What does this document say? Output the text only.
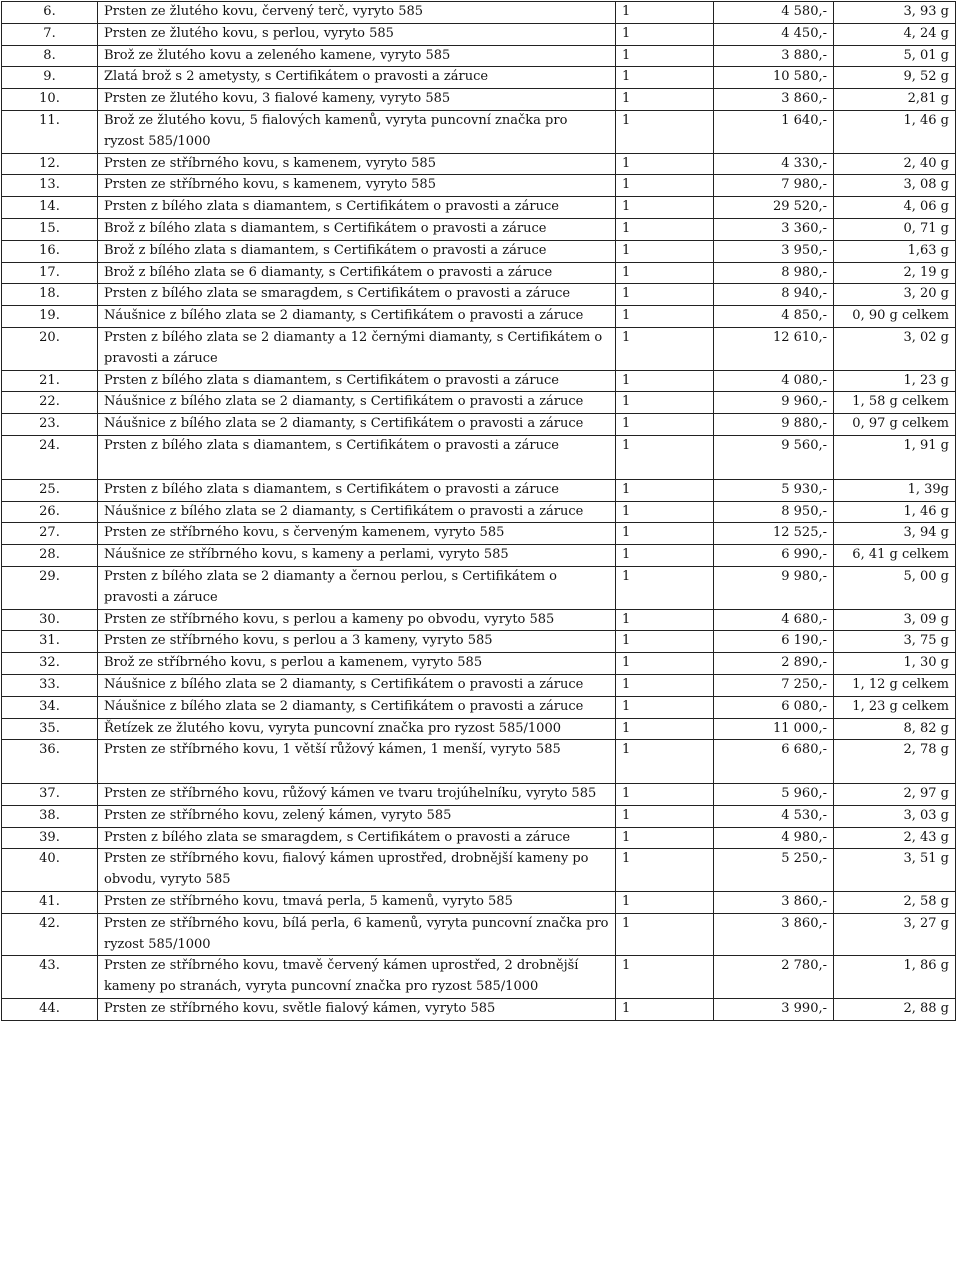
6.	Prsten ze žlutého kovu, červený terč, vyryto 585	1	4 580,-	3, 93 g
7.	Prsten ze žlutého kovu, s perlou, vyryto 585	1	4 450,-	4, 24 g
8.	Brož ze žlutého kovu a zeleného kamene, vyryto 585	1	3 880,-	5, 01 g
9.	Zlatá brož s 2 ametysty, s Certifikátem o pravosti a záruce	1	10 580,-	9, 52 g
10.	Prsten ze žlutého kovu, 3 fialové kameny, vyryto 585	1	3 860,-	2,81 g
11.	Brož ze žlutého kovu, 5 fialových kamenů, vyryta puncovní značka pro ryzost 585/1000	1	1 640,-	1, 46 g
12.	Prsten ze stříbrného kovu, s kamenem, vyryto 585	1	4 330,-	2, 40 g
13.	Prsten ze stříbrného kovu, s kamenem, vyryto 585	1	7 980,-	3, 08 g
14.	Prsten z bílého zlata s diamantem, s Certifikátem o pravosti a záruce	1	29 520,-	4, 06 g
15.	Brož z bílého zlata s diamantem, s Certifikátem o pravosti a záruce	1	3 360,-	0, 71 g
16.	Brož z bílého zlata s diamantem, s Certifikátem o pravosti a záruce	1	3 950,-	1,63 g
17.	Brož z bílého zlata se 6 diamanty, s Certifikátem o pravosti a záruce	1	8 980,-	2, 19 g
18.	Prsten z bílého zlata se smaragdem, s Certifikátem o pravosti a záruce	1	8 940,-	3, 20 g
19.	Náušnice z bílého zlata se 2 diamanty, s Certifikátem o pravosti a záruce	1	4 850,-	0, 90 g celkem
20.	Prsten z bílého zlata se 2 diamanty a 12 černými diamanty, s Certifikátem o pravosti a záruce	1	12 610,-	3, 02 g
21.	Prsten z bílého zlata s diamantem, s Certifikátem o pravosti a záruce	1	4 080,-	1, 23 g
22.	Náušnice z bílého zlata se 2 diamanty, s Certifikátem o pravosti a záruce	1	9 960,-	1, 58 g celkem
23.	Náušnice z bílého zlata se 2 diamanty, s Certifikátem o pravosti a záruce	1	9 880,-	0, 97 g celkem
24.	Prsten z bílého zlata s diamantem, s Certifikátem o pravosti a záruce	1	9 560,-	1, 91 g
25.	Prsten z bílého zlata s diamantem, s Certifikátem o pravosti a záruce	1	5 930,-	1, 39g
26.	Náušnice z bílého zlata se 2 diamanty, s Certifikátem o pravosti a záruce	1	8 950,-	1, 46 g
27.	Prsten ze stříbrného kovu, s červeným kamenem, vyryto 585	1	12 525,-	3, 94 g
28.	Náušnice ze stříbrného kovu, s kameny a perlami, vyryto 585	1	6 990,-	6, 41 g celkem
29.	Prsten z bílého zlata se 2 diamanty a černou perlou, s Certifikátem o pravosti a záruce	1	9 980,-	5, 00 g
30.	Prsten ze stříbrného kovu, s perlou a kameny po obvodu, vyryto 585	1	4 680,-	3, 09 g
31.	Prsten ze stříbrného kovu, s perlou a 3 kameny, vyryto 585	1	6 190,-	3, 75 g
32.	Brož ze stříbrného kovu, s perlou a kamenem, vyryto 585	1	2 890,-	1, 30 g
33.	Náušnice z bílého zlata se 2 diamanty, s Certifikátem o pravosti a záruce	1	7 250,-	1, 12 g celkem
34.	Náušnice z bílého zlata se 2 diamanty, s Certifikátem o pravosti a záruce	1	6 080,-	1, 23 g celkem
35.	Řetízek ze žlutého kovu, vyryta puncovní značka pro ryzost 585/1000	1	11 000,-	8, 82 g
36.	Prsten ze stříbrného kovu, 1 větší růžový kámen, 1 menší, vyryto 585	1	6 680,-	2, 78 g
37.	Prsten ze stříbrného kovu, růžový kámen ve tvaru trojúhelníku, vyryto 585	1	5 960,-	2, 97 g
38.	Prsten ze stříbrného kovu, zelený kámen, vyryto 585	1	4 530,-	3, 03 g
39.	Prsten z bílého zlata se smaragdem, s Certifikátem o pravosti a záruce	1	4 980,-	2, 43 g
40.	Prsten ze stříbrného kovu, fialový kámen uprostřed, drobnější kameny po obvodu, vyryto 585	1	5 250,-	3, 51 g
41.	Prsten ze stříbrného kovu, tmavá perla, 5 kamenů, vyryto 585	1	3 860,-	2, 58 g
42.	Prsten ze stříbrného kovu, bílá perla, 6 kamenů, vyryta puncovní značka pro ryzost 585/1000	1	3 860,-	3, 27 g
43.	Prsten ze stříbrného kovu, tmavě červený kámen uprostřed, 2 drobnější kameny po stranách, vyryta puncovní značka pro ryzost 585/1000	1	2 780,-	1, 86 g
44.	Prsten ze stříbrného kovu, světle fialový kámen, vyryto 585	1	3 990,-	2, 88 g
